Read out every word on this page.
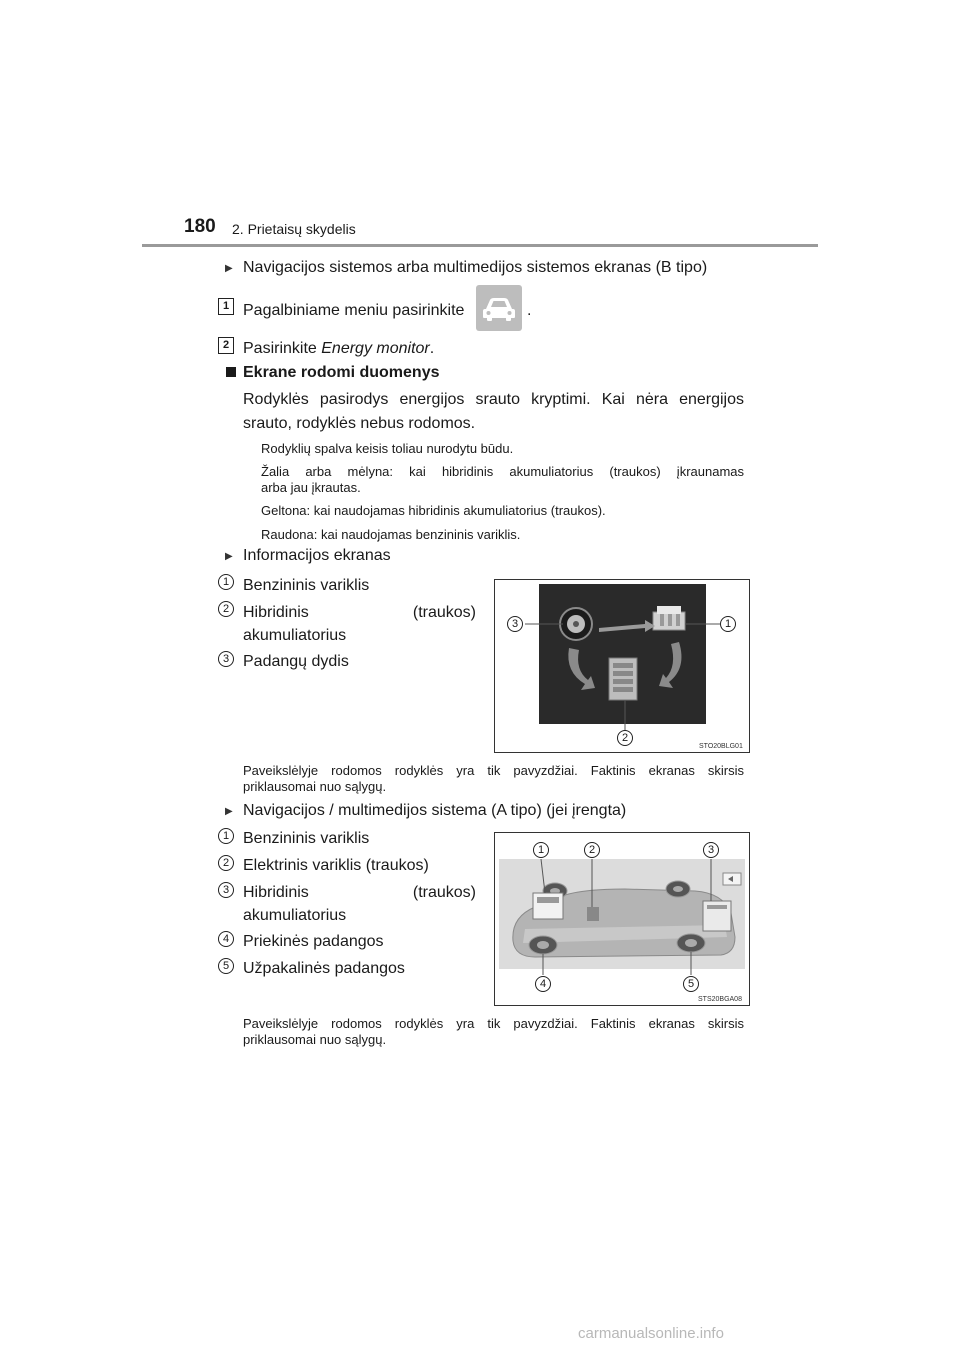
180 2. Prietaisų skydelis
▶ Navigacijos sistemos arba multimedijos sistemos ekranas (B tipo)
1 Pagalbiniame meniu pasirinkite	.
2 Pasirinkite Energy monitor.
Ekrane rodomi duomenys
Rodyklės pasirodys energijos srauto kryptimi. Kai nėra energijos
srauto, rodyklės nebus rodomos.
Rodyklių spalva keisis toliau nurodytu būdu.
Žalia arba mėlyna: kai hibridinis akumuliatorius (traukos) įkraunamas
arba jau įkrautas.
Geltona: kai naudojamas hibridinis akumuliatorius (traukos).
Raudona: kai naudojamas benzininis variklis.
▶ Informacijos ekranas
1 Benzininis variklis
2 Hibridinis	(traukos)
akumuliatorius
3 Padangų dydis
3	1
2
STO20BLG01
Paveikslėlyje rodomos rodyklės yra tik pavyzdžiai. Faktinis ekranas skirsis
priklausomai nuo sąlygų.
▶ Navigacijos / multimedijos sistema (A tipo) (jei įrengta)
1 Benzininis variklis
2 Elektrinis variklis (traukos)
3 Hibridinis	(traukos)
akumuliatorius
4 Priekinės padangos
5 Užpakalinės padangos
1	2	3
4	5
STS20BGA08
Paveikslėlyje rodomos rodyklės yra tik pavyzdžiai. Faktinis ekranas skirsis
priklausomai nuo sąlygų.
carmanualsonline.info
